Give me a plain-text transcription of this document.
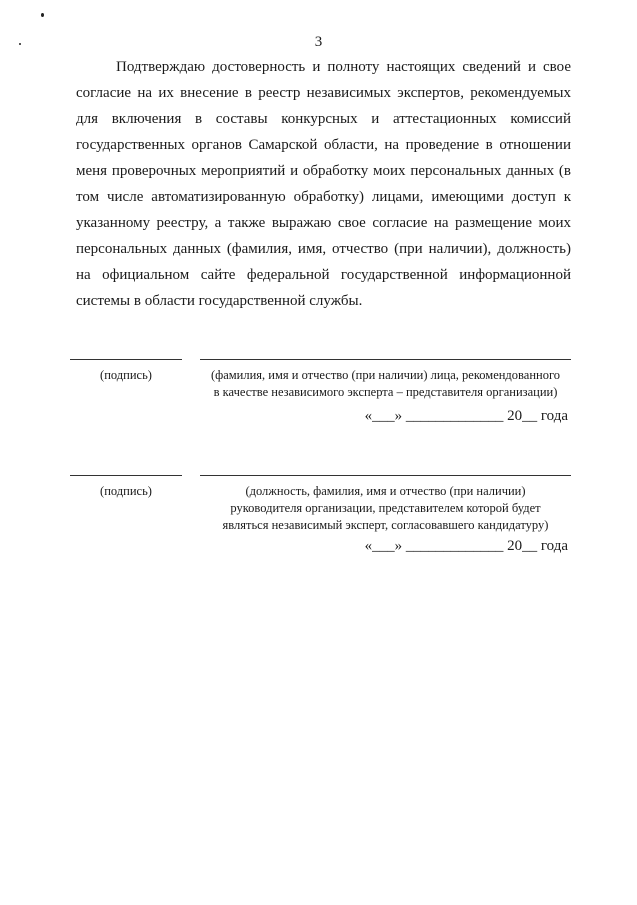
3
Подтверждаю достоверность и полноту настоящих сведений и свое
согласие на их внесение в реестр независимых экспертов, рекомендуемых
для включения в составы конкурсных и аттестационных комиссий
государственных органов Самарской области, на проведение в отношении
меня проверочных мероприятий и обработку моих персональных данных (в
том числе автоматизированную обработку) лицами, имеющими доступ к
указанному реестру, а также выражаю свое согласие на размещение моих
персональных данных (фамилия, имя, отчество (при наличии), должность)
на официальном сайте федеральной государственной информационной
системы в области государственной службы.
(подпись)	(фамилия, имя и отчество (при наличии) лица, рекомендованного
в качестве независимого эксперта – представителя организации)
«___» _____________ 20__ года
(подпись)	(должность, фамилия, имя и отчество (при наличии)
руководителя организации, представителем которой будет
являться независимый эксперт, согласовавшего кандидатуру)
«___» _____________ 20__ года
